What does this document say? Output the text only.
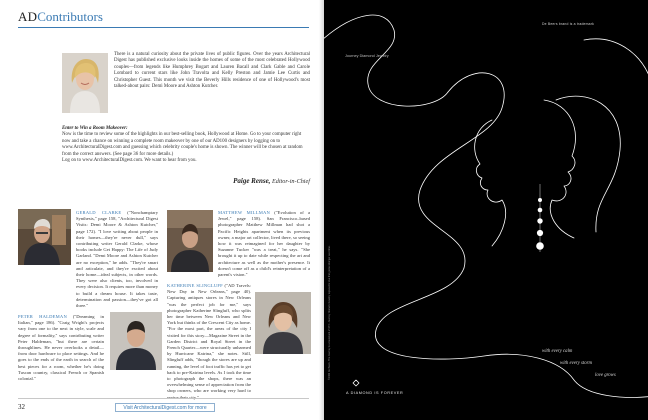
ADContributors
There is a natural curiosity about the private lives of public figures. Over the years Architectural Digest has published exclusive looks inside the homes of some of the most celebrated Hollywood couples—from legends like Humphrey Bogart and Lauren Bacall and Clark Gable and Carole Lombard to current stars like John Travolta and Kelly Preston and Jamie Lee Curtis and Christopher Guest. This month we visit the Beverly Hills residence of one of Hollywood's most talked-about pairs: Demi Moore and Ashton Kutcher.
Enter to Win a Room Makeover:
Now is the time to review some of the highlights in our best-selling book, Hollywood at Home. Go to your computer right now and take a chance on winning a complete room makeover by one of our AD100 designers by logging on to www.ArchitecturalDigest.com and guessing which celebrity couple's home is shown. The winner will be chosen at random from the correct answers. (See page 36 for more details.)
Log on to www.ArchitecturalDigest.com. We want to hear from you.
Paige Rense, Editor-in-Chief
GERALD CLARKE ("Nonchamptary Synthesis," page 158, "Architectural Digest Visits: Demi Moore & Ashton Kutcher," page 172). "I love writing about people in their homes—they're never dull," says contributing writer Gerald Clarke, whose books include Get Happy: The Life of Judy Garland. "Demi Moore and Ashton Kutcher are no exception," he adds. "They're smart and articulate, and they're excited about their home—ideal subjects, in other words. They were also clients, too, involved in every decision. It requires more than money to build a dream house. It takes taste, determination and passion—they've got all three."
MATTHEW MILLMAN ("Evolution of a Jewel," page 158). San Francisco–based photographer Matthew Millman had shot a Pacific Heights apartment when its previous owner, a major art collector, lived there, so seeing how it was reimagined for her daughter by Suzanne Tucker "was a treat," he says. "She brought it up to date while respecting the art and architecture as well as the mother's presence. It doesn't come off as a child's reinterpretation of a parent's vision."
KATHERINE SLINGLUFF ("AD Travels: New Day in New Orleans," page 40). Capturing antiques stores in New Orleans "was the perfect job for me," says photographer Katherine Slingluff, who splits her time between New Orleans and New York but thinks of the Crescent City as home. "For the most part, the areas of the city I visited for this story—Magazine Street in the Garden District and Royal Street in the French Quarter—were structurally unharmed by Hurricane Katrina," she notes. Still, Slingluff adds, "though the stores are up and running, the level of foot traffic has yet to get back to pre-Katrina levels. As I took the time to photograph the shops, there was an overwhelming sense of appreciation from the shop owners, who are working very hard to
PETER HALDEMAN ("Dreaming in Italian," page 186). "Craig Wright's projects vary from one to the next in style, scale and degree of formality," says contributing writer Peter Haldeman, "but there are certain throughlines. He never overlooks a detail—from door hardware to place settings. And he goes to the ends of the earth in search of the best pieces for a room, whether he's doing Tuscan country, classical French or Spanish colonial."
32	Visit ArchitecturalDigest.com for more
De Beers brand is a trademark
Journey Diamond Jewelry
with every calm
with every storm
love grows
A DIAMOND IS FOREVER
©2006 De Beers. The Journey is a trademark of DTC. Journey Diamond Jewelry represents love that grows stronger over time.
